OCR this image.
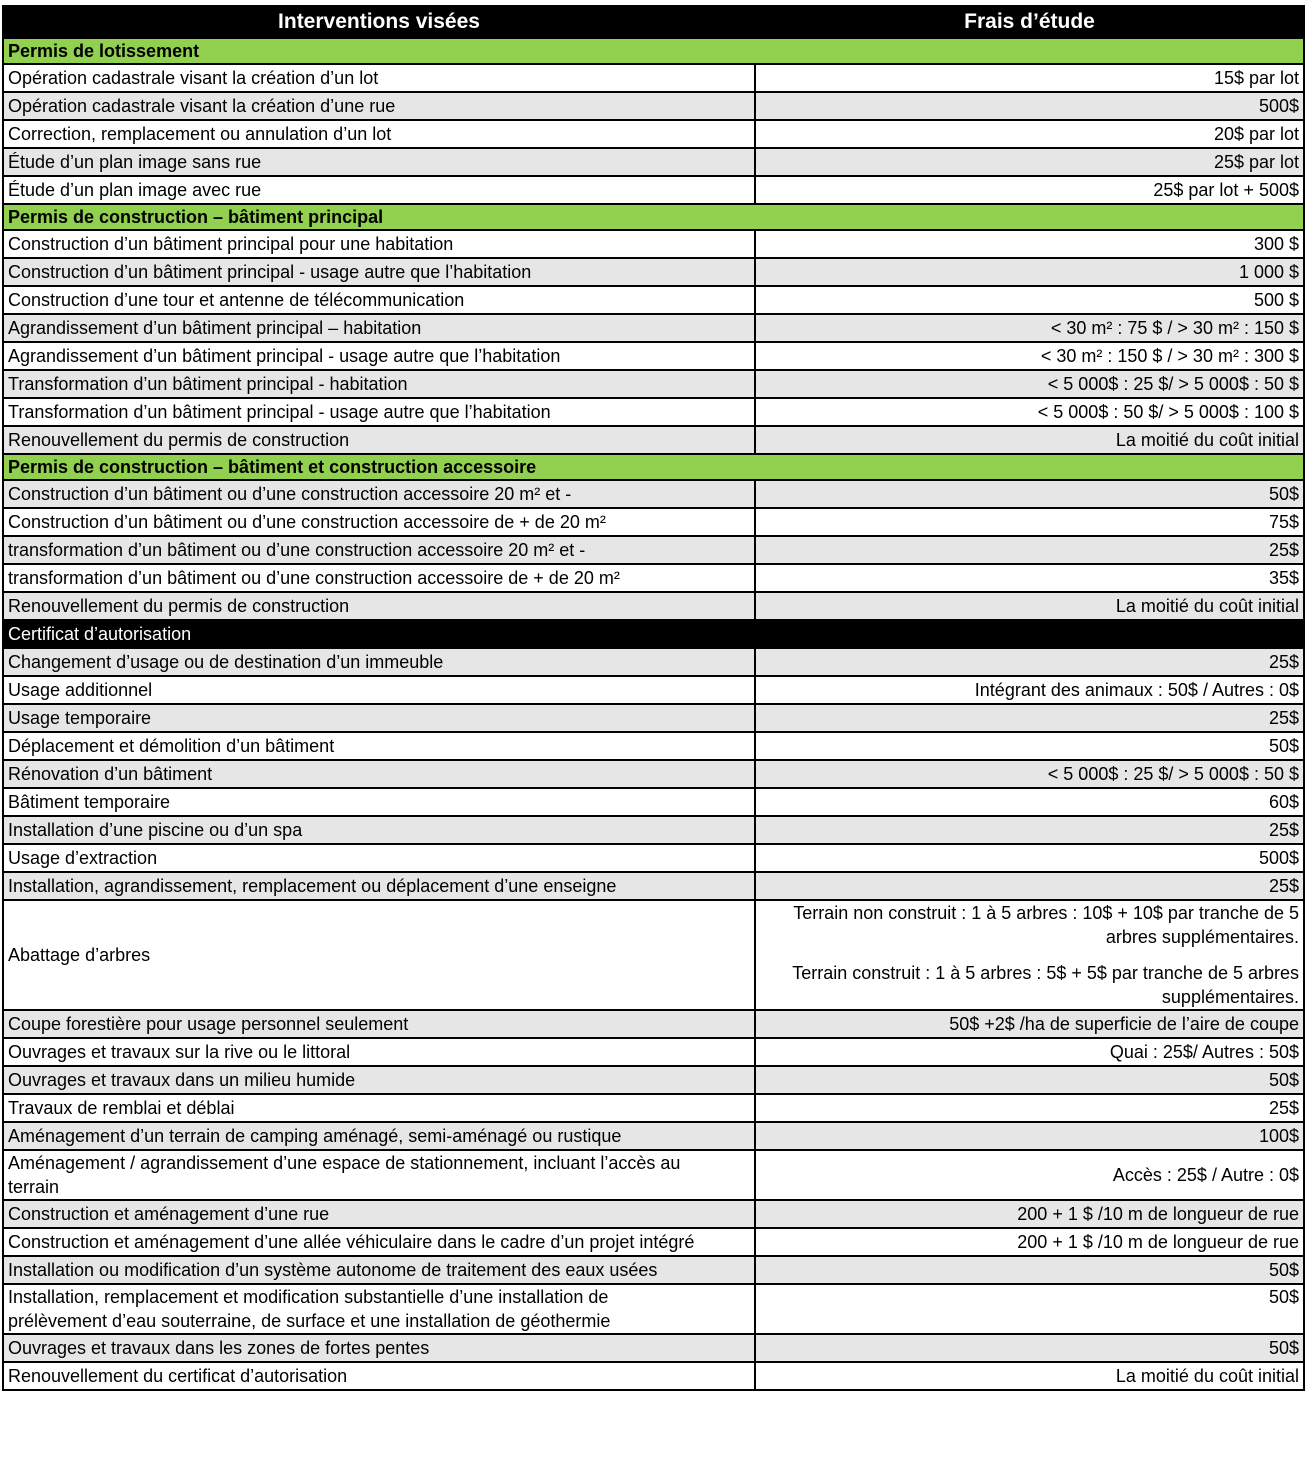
Interventions visées	Frais d’étude
Permis de lotissement	
Opération cadastrale visant la création d’un lot	15$ par lot
Opération cadastrale visant la création d’une rue	500$
Correction, remplacement ou annulation d’un lot	20$ par lot
Étude d’un plan image sans rue	25$ par lot
Étude d’un plan image avec rue	25$ par lot + 500$
Permis de construction – bâtiment principal	
Construction d’un bâtiment principal pour une habitation	300 $
Construction d’un bâtiment principal - usage autre que l’habitation	1 000 $
Construction d’une tour et antenne de télécommunication	500 $
Agrandissement d’un bâtiment principal – habitation	< 30 m² : 75 $ / > 30 m² : 150 $
Agrandissement d’un bâtiment principal - usage autre que l’habitation	< 30 m² : 150 $ / > 30 m² : 300 $
Transformation d’un bâtiment principal - habitation	< 5 000$ : 25 $/ > 5 000$ : 50 $
Transformation d’un bâtiment principal - usage autre que l’habitation	< 5 000$ : 50 $/ > 5 000$ : 100 $
Renouvellement du permis de construction	La moitié du coût initial
Permis de construction – bâtiment et construction accessoire	
Construction d’un bâtiment ou d’une construction accessoire 20 m² et -	50$
Construction d’un bâtiment ou d’une construction accessoire de + de 20 m²	75$
transformation d’un bâtiment ou d’une construction accessoire 20 m² et -	25$
transformation d’un bâtiment ou d’une construction accessoire de + de 20 m²	35$
Renouvellement du permis de construction	La moitié du coût initial
Certificat d’autorisation	
Changement d’usage ou de destination d’un immeuble	25$
Usage additionnel	Intégrant des animaux : 50$ / Autres : 0$
Usage temporaire	25$
Déplacement et démolition d’un bâtiment	50$
Rénovation d’un bâtiment	< 5 000$ : 25 $/ > 5 000$ : 50 $
Bâtiment temporaire	60$
Installation d’une piscine ou d’un spa	25$
Usage d’extraction	500$
Installation, agrandissement, remplacement ou déplacement d’une enseigne	25$
Abattage d’arbres	Terrain non construit : 1 à 5 arbres : 10$ + 10$ par tranche de 5
arbres supplémentaires.
Terrain construit : 1 à 5 arbres : 5$ + 5$ par tranche de 5 arbres
supplémentaires.

Coupe forestière pour usage personnel seulement	50$ +2$ /ha de superficie de l’aire de coupe
Ouvrages et travaux sur la rive ou le littoral	Quai : 25$/ Autres : 50$
Ouvrages et travaux dans un milieu humide	50$
Travaux de remblai et déblai	25$
Aménagement d’un terrain de camping aménagé, semi-aménagé ou rustique	100$

Aménagement / agrandissement d’une espace de stationnement, incluant l’accès au
terrain	Accès : 25$ / Autre : 0$
Construction et aménagement d’une rue	200 + 1 $ /10 m de longueur de rue
Construction et aménagement d’une allée véhiculaire dans le cadre d’un projet intégré	200 + 1 $ /10 m de longueur de rue
Installation ou modification d’un système autonome de traitement des eaux usées	50$

Installation, remplacement et modification substantielle d’une installation de
prélèvement d’eau souterraine, de surface et une installation de géothermie	50$
Ouvrages et travaux dans les zones de fortes pentes	50$
Renouvellement du certificat d’autorisation	La moitié du coût initial
